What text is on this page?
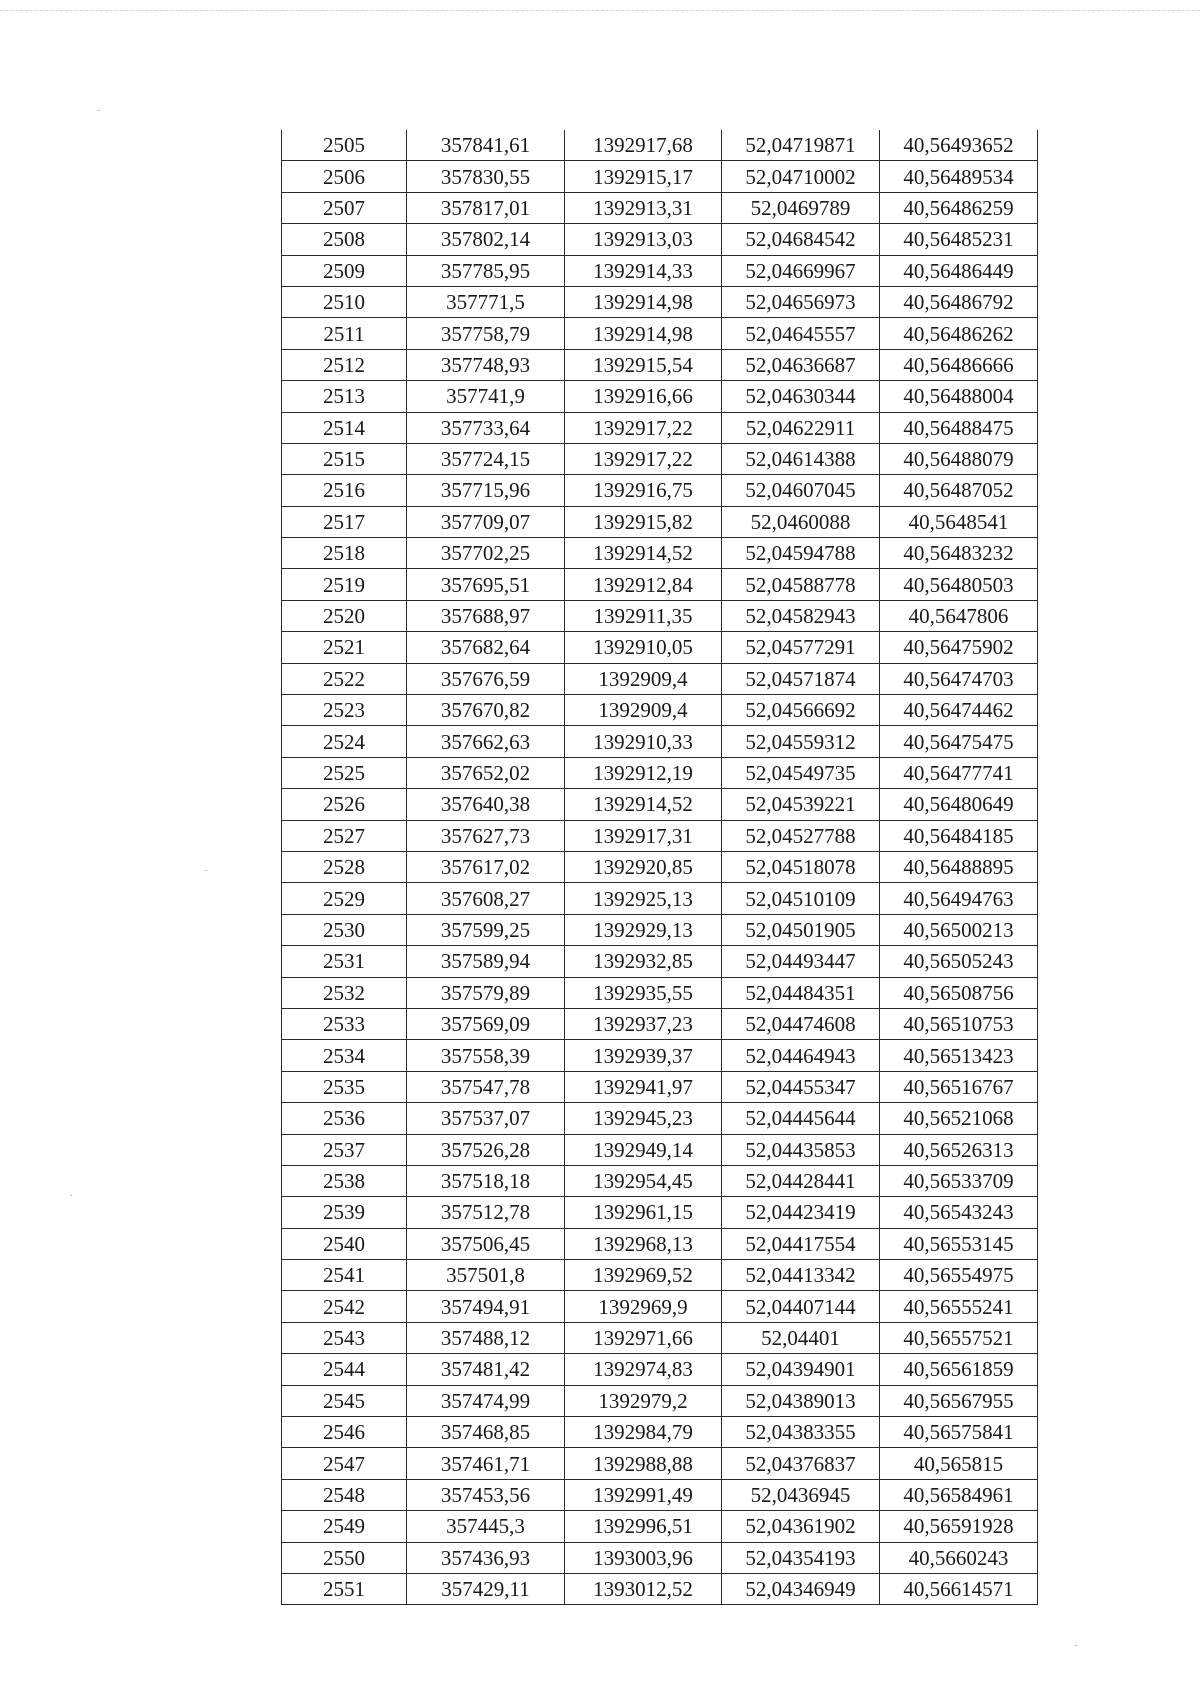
2505	357841,61	1392917,68	52,04719871	40,56493652
2506	357830,55	1392915,17	52,04710002	40,56489534
2507	357817,01	1392913,31	52,0469789	40,56486259
2508	357802,14	1392913,03	52,04684542	40,56485231
2509	357785,95	1392914,33	52,04669967	40,56486449
2510	357771,5	1392914,98	52,04656973	40,56486792
2511	357758,79	1392914,98	52,04645557	40,56486262
2512	357748,93	1392915,54	52,04636687	40,56486666
2513	357741,9	1392916,66	52,04630344	40,56488004
2514	357733,64	1392917,22	52,04622911	40,56488475
2515	357724,15	1392917,22	52,04614388	40,56488079
2516	357715,96	1392916,75	52,04607045	40,56487052
2517	357709,07	1392915,82	52,0460088	40,5648541
2518	357702,25	1392914,52	52,04594788	40,56483232
2519	357695,51	1392912,84	52,04588778	40,56480503
2520	357688,97	1392911,35	52,04582943	40,5647806
2521	357682,64	1392910,05	52,04577291	40,56475902
2522	357676,59	1392909,4	52,04571874	40,56474703
2523	357670,82	1392909,4	52,04566692	40,56474462
2524	357662,63	1392910,33	52,04559312	40,56475475
2525	357652,02	1392912,19	52,04549735	40,56477741
2526	357640,38	1392914,52	52,04539221	40,56480649
2527	357627,73	1392917,31	52,04527788	40,56484185
2528	357617,02	1392920,85	52,04518078	40,56488895
2529	357608,27	1392925,13	52,04510109	40,56494763
2530	357599,25	1392929,13	52,04501905	40,56500213
2531	357589,94	1392932,85	52,04493447	40,56505243
2532	357579,89	1392935,55	52,04484351	40,56508756
2533	357569,09	1392937,23	52,04474608	40,56510753
2534	357558,39	1392939,37	52,04464943	40,56513423
2535	357547,78	1392941,97	52,04455347	40,56516767
2536	357537,07	1392945,23	52,04445644	40,56521068
2537	357526,28	1392949,14	52,04435853	40,56526313
2538	357518,18	1392954,45	52,04428441	40,56533709
2539	357512,78	1392961,15	52,04423419	40,56543243
2540	357506,45	1392968,13	52,04417554	40,56553145
2541	357501,8	1392969,52	52,04413342	40,56554975
2542	357494,91	1392969,9	52,04407144	40,56555241
2543	357488,12	1392971,66	52,04401	40,56557521
2544	357481,42	1392974,83	52,04394901	40,56561859
2545	357474,99	1392979,2	52,04389013	40,56567955
2546	357468,85	1392984,79	52,04383355	40,56575841
2547	357461,71	1392988,88	52,04376837	40,565815
2548	357453,56	1392991,49	52,0436945	40,56584961
2549	357445,3	1392996,51	52,04361902	40,56591928
2550	357436,93	1393003,96	52,04354193	40,5660243
2551	357429,11	1393012,52	52,04346949	40,56614571
